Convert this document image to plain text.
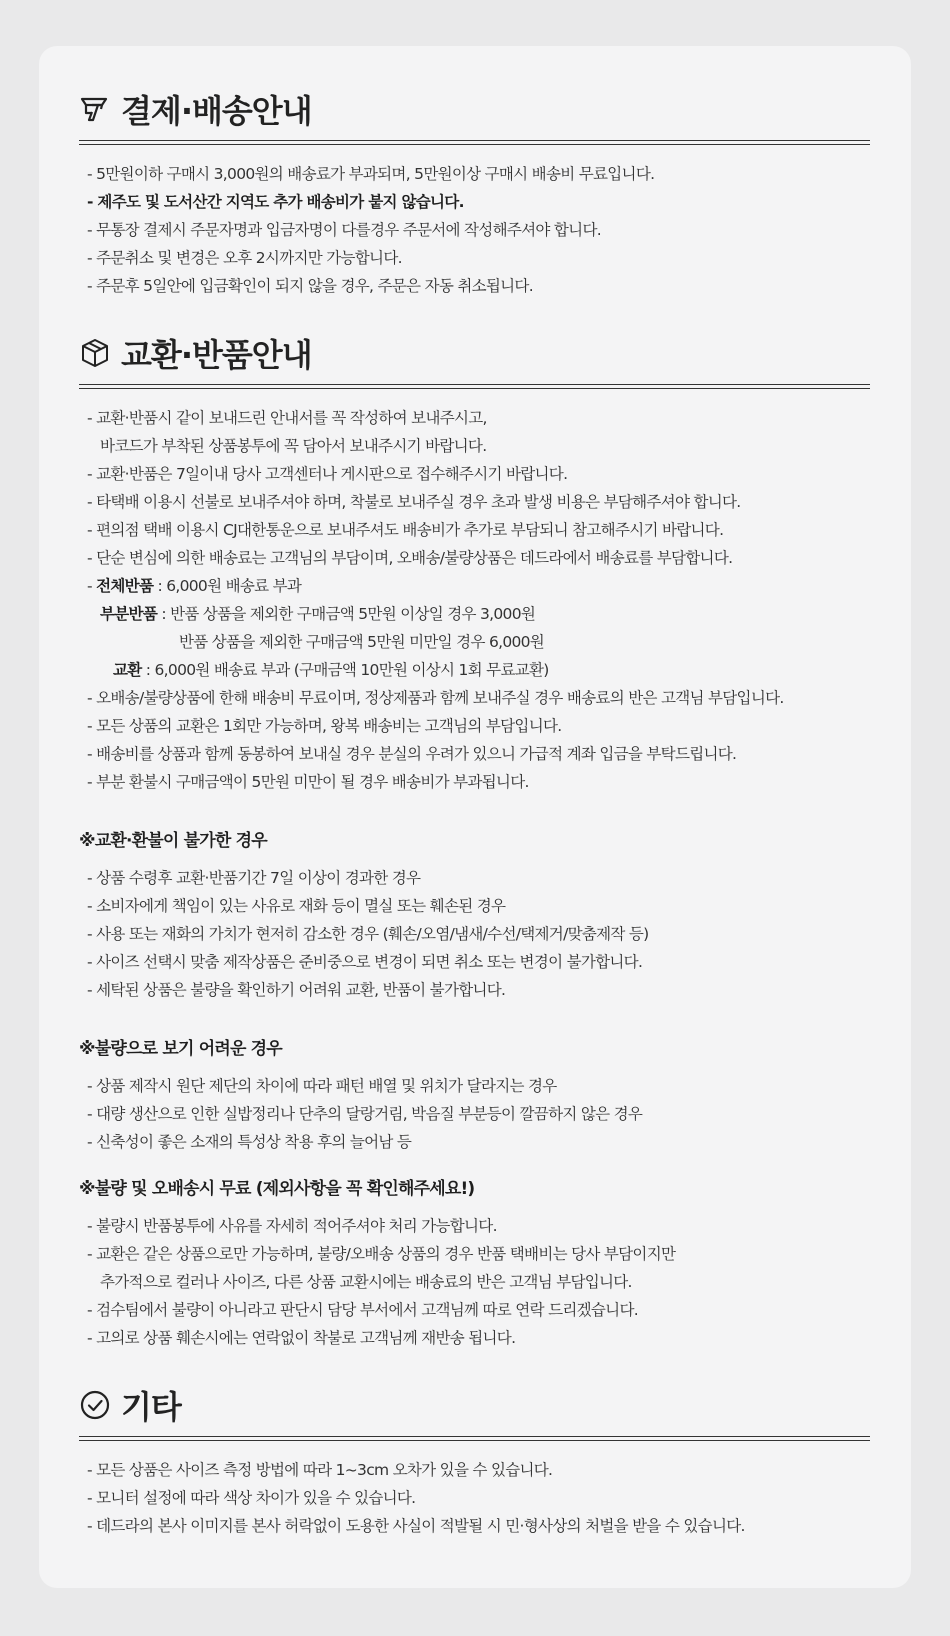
결제·배송안내
- 5만원이하 구매시 3,000원의 배송료가 부과되며, 5만원이상 구매시 배송비 무료입니다.
- 제주도 및 도서산간 지역도 추가 배송비가 붙지 않습니다.
- 무통장 결제시 주문자명과 입금자명이 다를경우 주문서에 작성해주셔야 합니다.
- 주문취소 및 변경은 오후 2시까지만 가능합니다.
- 주문후 5일안에 입금확인이 되지 않을 경우, 주문은 자동 취소됩니다.
교환·반품안내
- 교환·반품시 같이 보내드린 안내서를 꼭 작성하여 보내주시고,
바코드가 부착된 상품봉투에 꼭 담아서 보내주시기 바랍니다.
- 교환·반품은 7일이내 당사 고객센터나 게시판으로 접수해주시기 바랍니다.
- 타택배 이용시 선불로 보내주셔야 하며, 착불로 보내주실 경우 초과 발생 비용은 부담해주셔야 합니다.
- 편의점 택배 이용시 CJ대한통운으로 보내주셔도 배송비가 추가로 부담되니 참고해주시기 바랍니다.
- 단순 변심에 의한 배송료는 고객님의 부담이며, 오배송/불량상품은 데드라에서 배송료를 부담합니다.
- 전체반품 : 6,000원 배송료 부과
부분반품 : 반품 상품을 제외한 구매금액 5만원 이상일 경우 3,000원
반품 상품을 제외한 구매금액 5만원 미만일 경우 6,000원
교환 : 6,000원 배송료 부과 (구매금액 10만원 이상시 1회 무료교환)
- 오배송/불량상품에 한해 배송비 무료이며, 정상제품과 함께 보내주실 경우 배송료의 반은 고객님 부담입니다.
- 모든 상품의 교환은 1회만 가능하며, 왕복 배송비는 고객님의 부담입니다.
- 배송비를 상품과 함께 동봉하여 보내실 경우 분실의 우려가 있으니 가급적 계좌 입금을 부탁드립니다.
- 부분 환불시 구매금액이 5만원 미만이 될 경우 배송비가 부과됩니다.
※교환·환불이 불가한 경우
- 상품 수령후 교환·반품기간 7일 이상이 경과한 경우
- 소비자에게 책임이 있는 사유로 재화 등이 멸실 또는 훼손된 경우
- 사용 또는 재화의 가치가 현저히 감소한 경우 (훼손/오염/냄새/수선/택제거/맞춤제작 등)
- 사이즈 선택시 맞춤 제작상품은 준비중으로 변경이 되면 취소 또는 변경이 불가합니다.
- 세탁된 상품은 불량을 확인하기 어려워 교환, 반품이 불가합니다.
※불량으로 보기 어려운 경우
- 상품 제작시 원단 제단의 차이에 따라 패턴 배열 및 위치가 달라지는 경우
- 대량 생산으로 인한 실밥정리나 단추의 달랑거림, 박음질 부분등이 깔끔하지 않은 경우
- 신축성이 좋은 소재의 특성상 착용 후의 늘어남 등
※불량 및 오배송시 무료 (제외사항을 꼭 확인해주세요!)
- 불량시 반품봉투에 사유를 자세히 적어주셔야 처리 가능합니다.
- 교환은 같은 상품으로만 가능하며, 불량/오배송 상품의 경우 반품 택배비는 당사 부담이지만
추가적으로 컬러나 사이즈, 다른 상품 교환시에는 배송료의 반은 고객님 부담입니다.
- 검수팀에서 불량이 아니라고 판단시 담당 부서에서 고객님께 따로 연락 드리겠습니다.
- 고의로 상품 훼손시에는 연락없이 착불로 고객님께 재반송 됩니다.
기타
- 모든 상품은 사이즈 측정 방법에 따라 1~3cm 오차가 있을 수 있습니다.
- 모니터 설정에 따라 색상 차이가 있을 수 있습니다.
- 데드라의 본사 이미지를 본사 허락없이 도용한 사실이 적발될 시 민·형사상의 처벌을 받을 수 있습니다.
